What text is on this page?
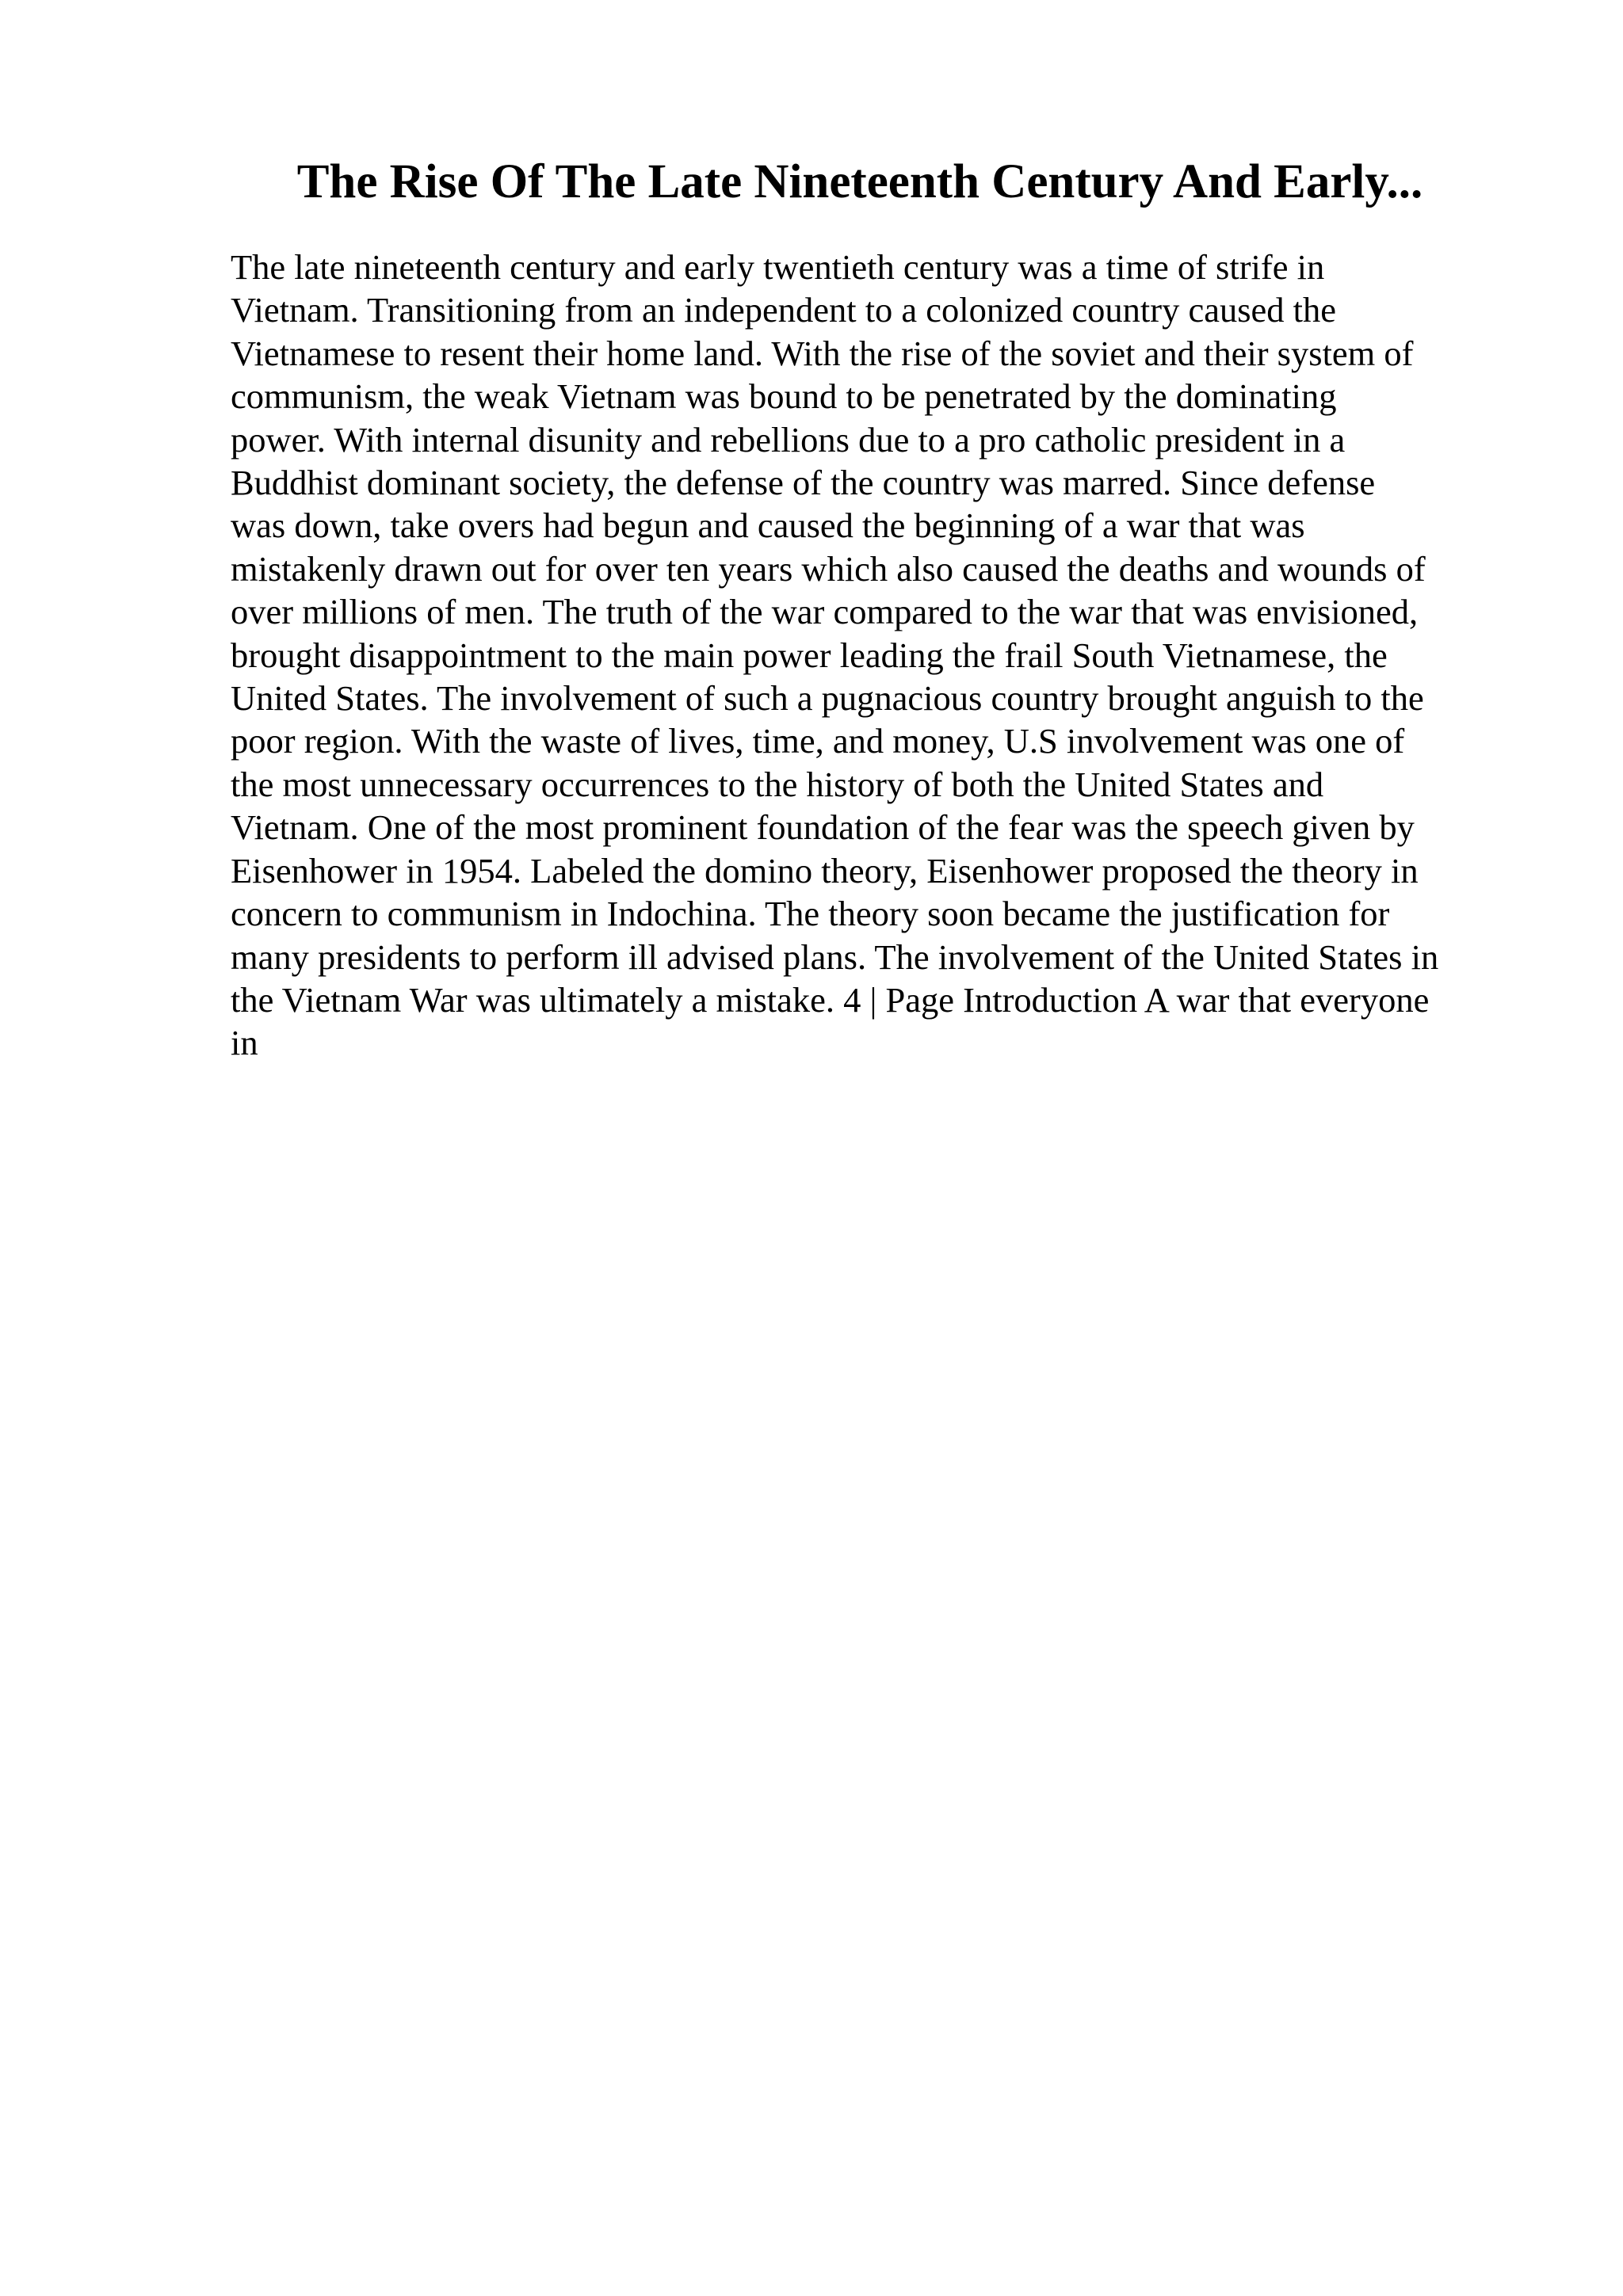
The Rise Of The Late Nineteenth Century And Early...
The late nineteenth century and early twentieth century was a time of strife in
Vietnam. Transitioning from an independent to a colonized country caused the
Vietnamese to resent their home land. With the rise of the soviet and their system of
communism, the weak Vietnam was bound to be penetrated by the dominating
power. With internal disunity and rebellions due to a pro catholic president in a
Buddhist dominant society, the defense of the country was marred. Since defense
was down, take overs had begun and caused the beginning of a war that was
mistakenly drawn out for over ten years which also caused the deaths and wounds of
over millions of men. The truth of the war compared to the war that was envisioned,
brought disappointment to the main power leading the frail South Vietnamese, the
United States. The involvement of such a pugnacious country brought anguish to the
poor region. With the waste of lives, time, and money, U.S involvement was one of
the most unnecessary occurrences to the history of both the United States and
Vietnam. One of the most prominent foundation of the fear was the speech given by
Eisenhower in 1954. Labeled the domino theory, Eisenhower proposed the theory in
concern to communism in Indochina. The theory soon became the justification for
many presidents to perform ill advised plans. The involvement of the United States in
the Vietnam War was ultimately a mistake. 4 | Page Introduction A war that everyone
in
